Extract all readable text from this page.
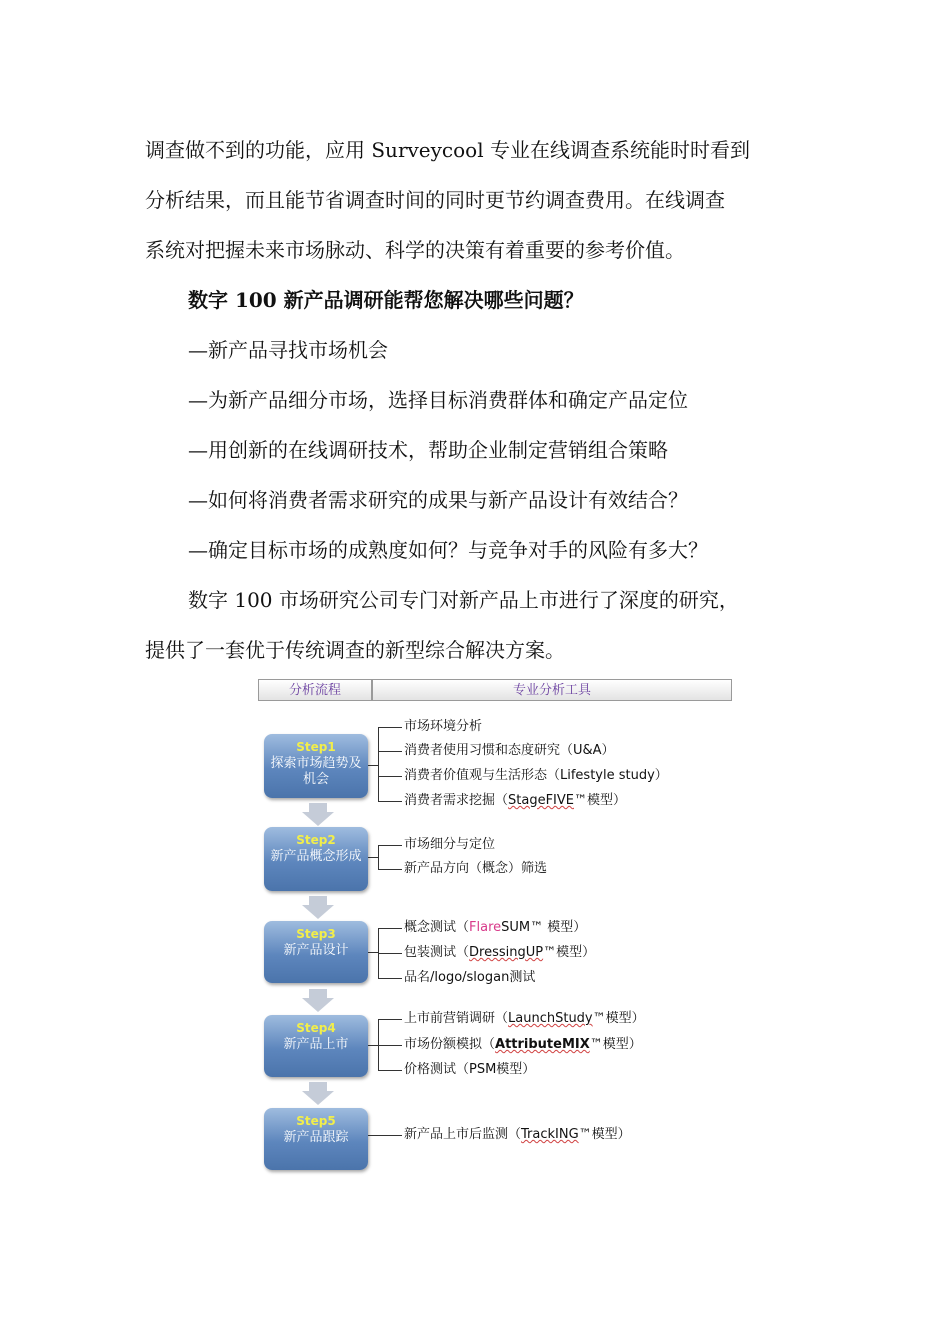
调查做不到的功能，应用 Surveycool 专业在线调查系统能时时看到
分析结果，而且能节省调查时间的同时更节约调查费用。在线调查
系统对把握未来市场脉动、科学的决策有着重要的参考价值。
数字 100 新产品调研能帮您解决哪些问题？
—新产品寻找市场机会
—为新产品细分市场，选择目标消费群体和确定产品定位
—用创新的在线调研技术，帮助企业制定营销组合策略
—如何将消费者需求研究的成果与新产品设计有效结合？
—确定目标市场的成熟度如何？与竞争对手的风险有多大？
数字 100 市场研究公司专门对新产品上市进行了深度的研究，
提供了一套优于传统调查的新型综合解决方案。
分析流程	专业分析工具
Step1
探索市场趋势及机会
市场环境分析
消费者使用习惯和态度研究（U&A）
消费者价值观与生活形态（Lifestyle study）
消费者需求挖掘（StageFIVE™模型）
Step2
新产品概念形成
市场细分与定位
新产品方向（概念）筛选
Step3
新产品设计
概念测试（FlareSUM™ 模型）
包装测试（DressingUP™模型）
品名/logo/slogan测试
Step4
新产品上市
上市前营销调研（LaunchStudy™模型）
市场份额模拟（AttributeMIX™模型）
价格测试（PSM模型）
Step5
新产品跟踪	新产品上市后监测（TrackING™模型）
